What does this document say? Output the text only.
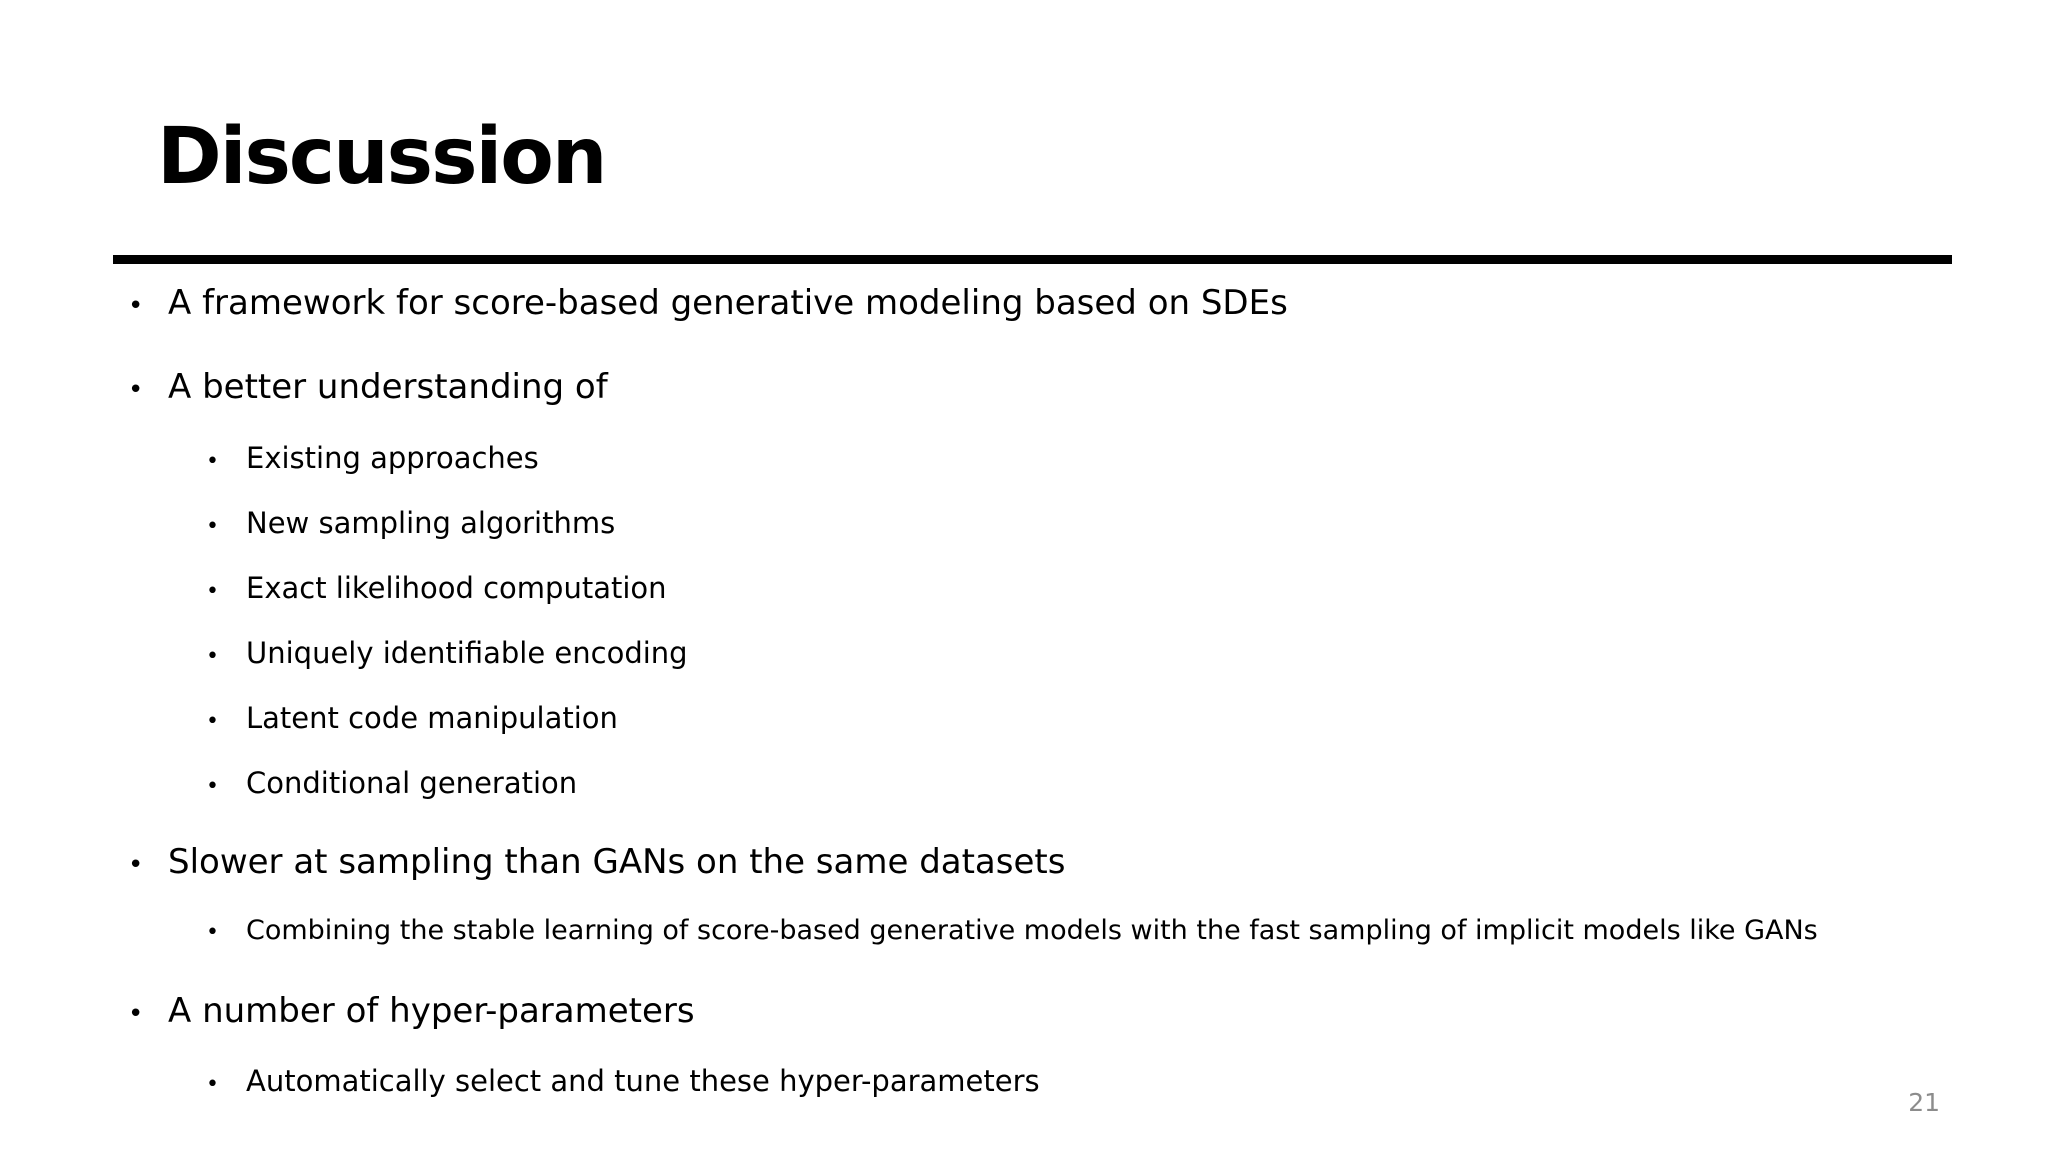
Discussion
• A framework for score-based generative modeling based on SDEs
• A better understanding of
• Existing approaches
• New sampling algorithms
• Exact likelihood computation
• Uniquely identifiable encoding
• Latent code manipulation
• Conditional generation
• Slower at sampling than GANs on the same datasets
•	Combining the stable learning of score-based generative models with the fast sampling of implicit models like GANs
• A number of hyper-parameters
• Automatically select and tune these hyper-parameters
21
